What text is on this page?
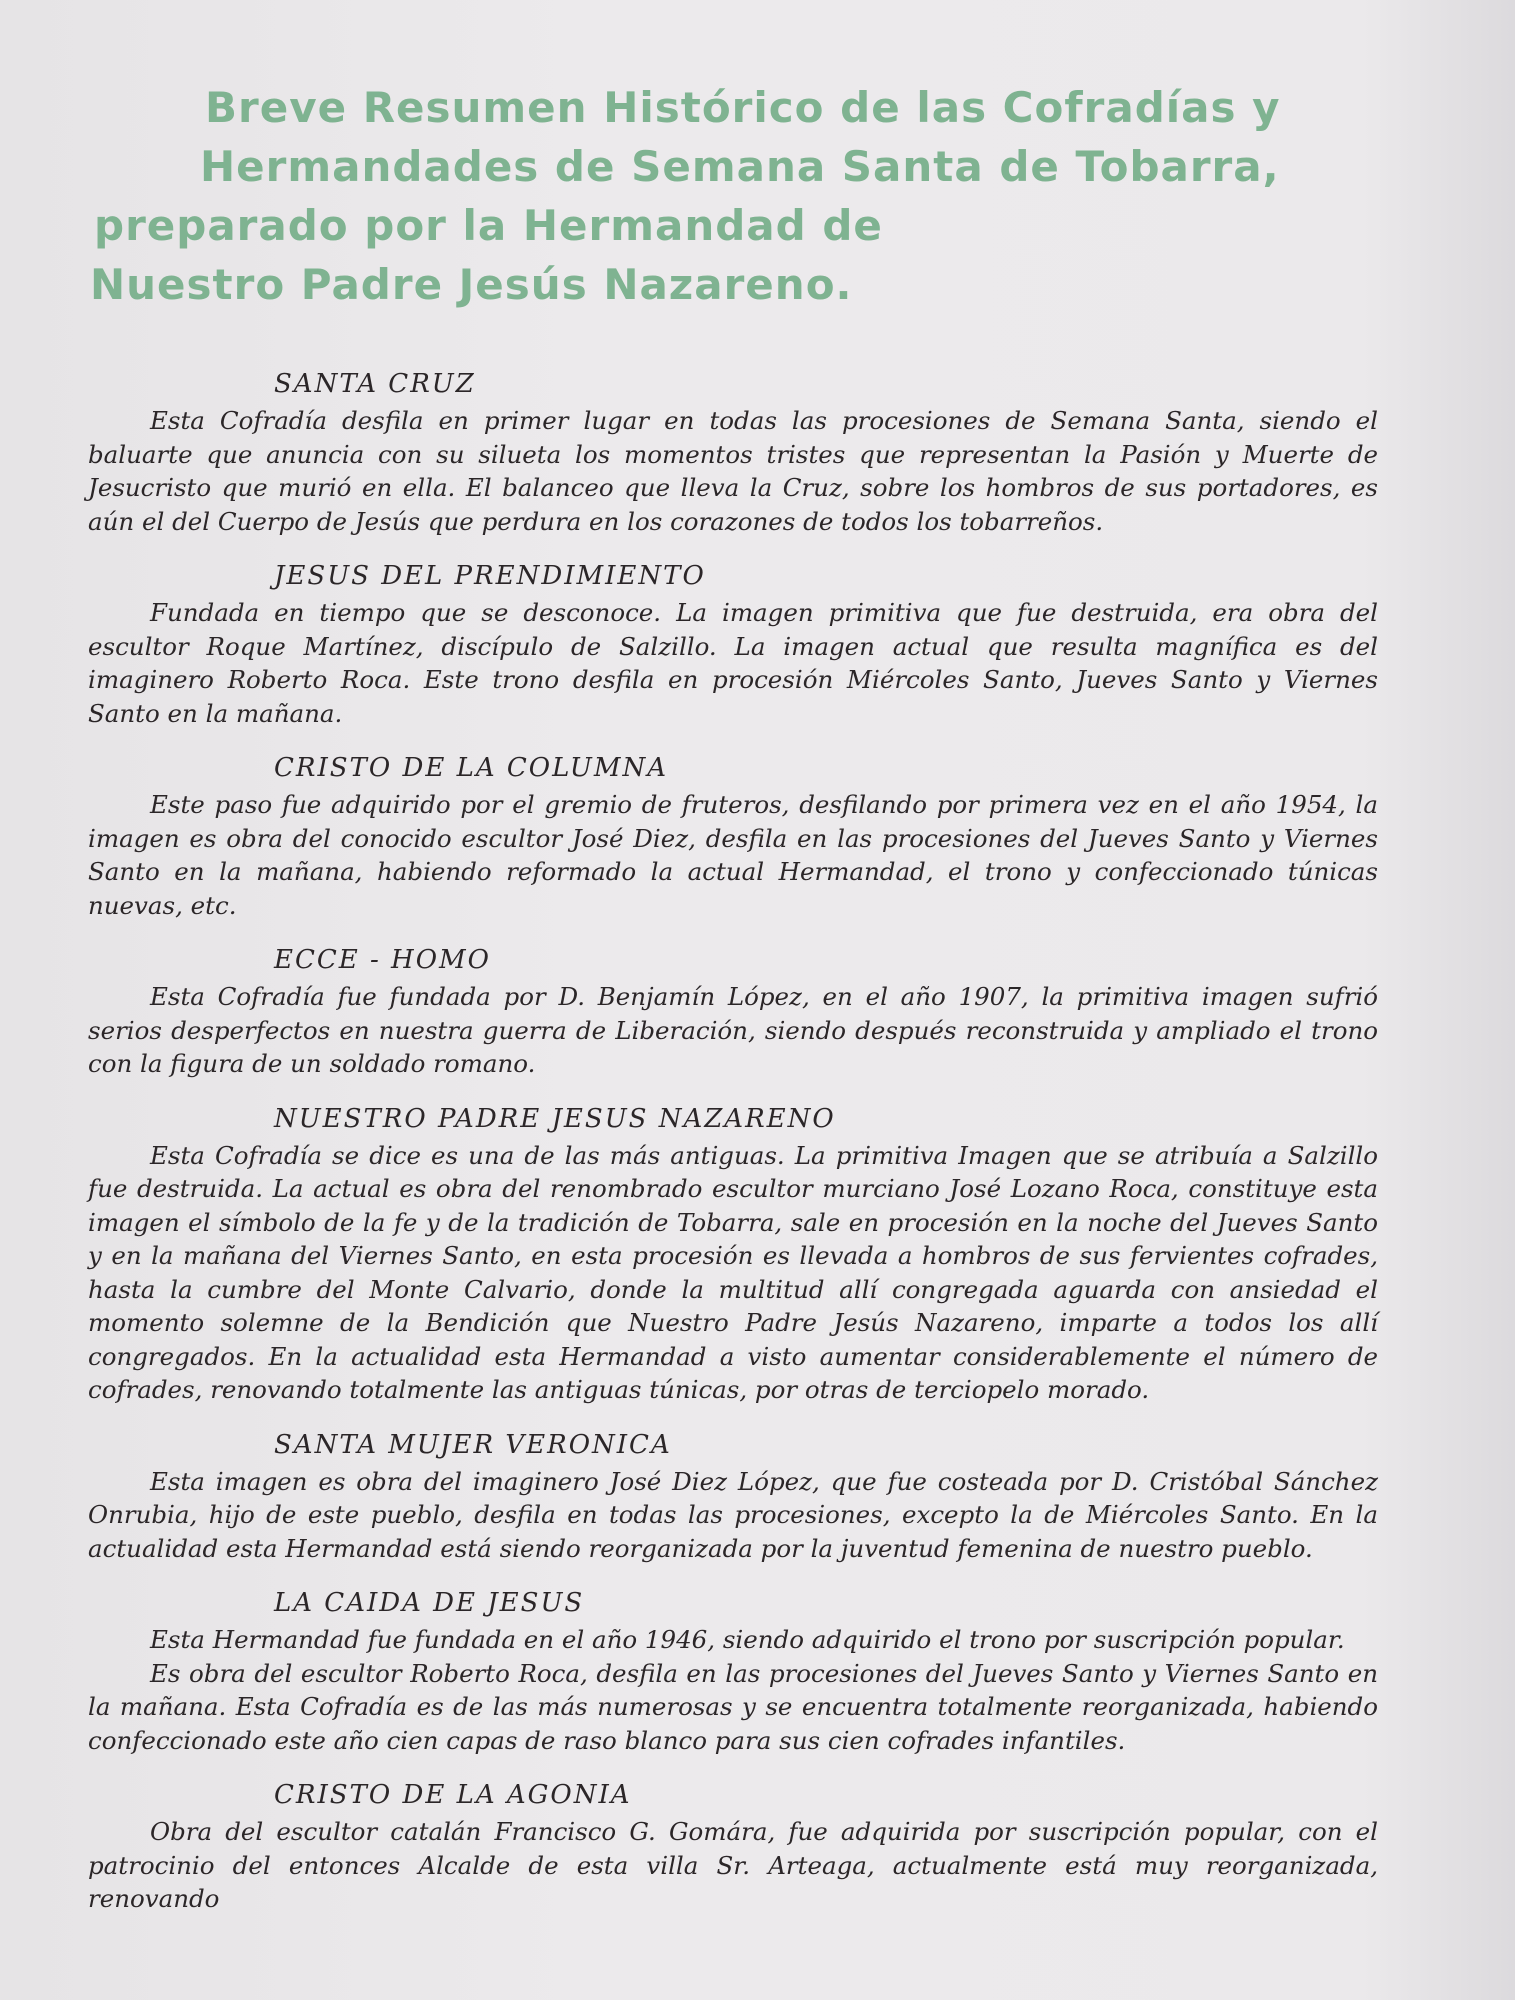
Breve Resumen Histórico de las Cofradías y
Hermandades de Semana Santa de Tobarra,
preparado por la Hermandad de
Nuestro Padre Jesús Nazareno.
SANTA CRUZ

Esta Cofradía desfila en primer lugar en todas las procesiones de Semana Santa, siendo el baluarte que anuncia con su silueta los momentos tristes que representan la Pasión y Muerte de Jesucristo que murió en ella. El balanceo que lleva la Cruz, sobre los hombros de sus portadores, es aún el del Cuerpo de Jesús que perdura en los corazones de todos los tobarreños.

JESUS DEL PRENDIMIENTO

Fundada en tiempo que se desconoce. La imagen primitiva que fue destruida, era obra del escultor Roque Martínez, discípulo de Salzillo. La imagen actual que resulta magnífica es del imaginero Roberto Roca. Este trono desfila en procesión Miércoles Santo, Jueves Santo y Viernes Santo en la mañana.

CRISTO DE LA COLUMNA

Este paso fue adquirido por el gremio de fruteros, desfilando por primera vez en el año 1954, la imagen es obra del conocido escultor José Diez, desfila en las procesiones del Jueves Santo y Viernes Santo en la mañana, habiendo reformado la actual Hermandad, el trono y confeccionado túnicas nuevas, etc.

ECCE - HOMO

Esta Cofradía fue fundada por D. Benjamín López, en el año 1907, la primitiva imagen sufrió serios desperfectos en nuestra guerra de Liberación, siendo después reconstruida y ampliado el trono con la figura de un soldado romano.

NUESTRO PADRE JESUS NAZARENO

Esta Cofradía se dice es una de las más antiguas. La primitiva Imagen que se atribuía a Salzillo fue destruida. La actual es obra del renombrado escultor murciano José Lozano Roca, constituye esta imagen el símbolo de la fe y de la tradición de Tobarra, sale en procesión en la noche del Jueves Santo y en la mañana del Viernes Santo, en esta procesión es llevada a hombros de sus fervientes cofrades, hasta la cumbre del Monte Calvario, donde la multitud allí congregada aguarda con ansiedad el momento solemne de la Bendición que Nuestro Padre Jesús Nazareno, imparte a todos los allí congregados. En la actualidad esta Hermandad a visto aumentar considerablemente el número de cofrades, renovando totalmente las antiguas túnicas, por otras de terciopelo morado.

SANTA MUJER VERONICA

Esta imagen es obra del imaginero José Diez López, que fue costeada por D. Cristóbal Sánchez Onrubia, hijo de este pueblo, desfila en todas las procesiones, excepto la de Miércoles Santo. En la actualidad esta Hermandad está siendo reorganizada por la juventud femenina de nuestro pueblo.

LA CAIDA DE JESUS

Esta Hermandad fue fundada en el año 1946, siendo adquirido el trono por suscripción popular.

Es obra del escultor Roberto Roca, desfila en las procesiones del Jueves Santo y Viernes Santo en la mañana. Esta Cofradía es de las más numerosas y se encuentra totalmente reorganizada, habiendo confeccionado este año cien capas de raso blanco para sus cien cofrades infantiles.

CRISTO DE LA AGONIA

Obra del escultor catalán Francisco G. Gomára, fue adquirida por suscripción popular, con el patrocinio del entonces Alcalde de esta villa Sr. Arteaga, actualmente está muy reorganizada, renovando
